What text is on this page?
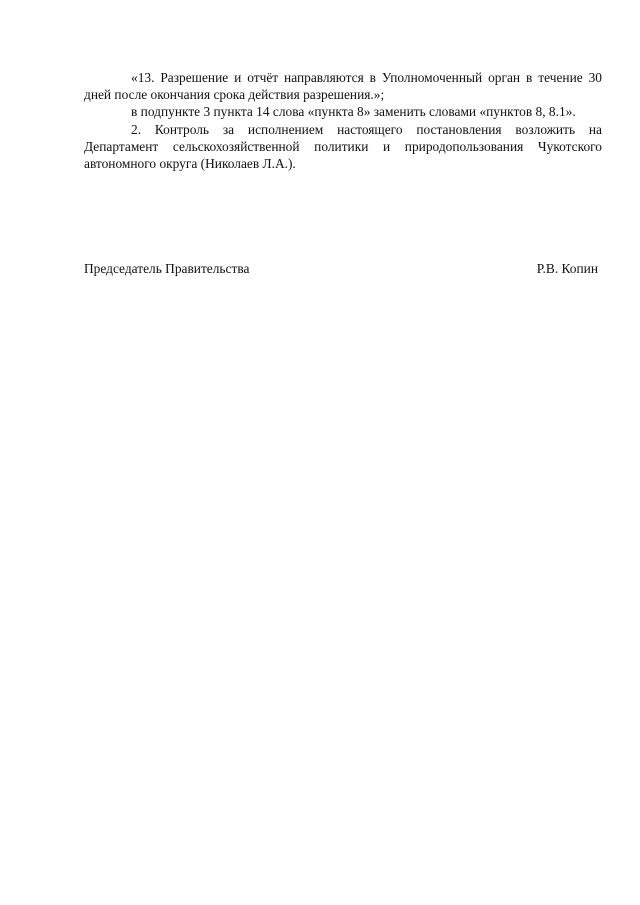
«13. Разрешение и отчёт направляются в Уполномоченный орган в течение 30 дней после окончания срока действия разрешения.»;

в подпункте 3 пункта 14 слова «пункта 8» заменить словами «пунктов 8, 8.1».

2. Контроль за исполнением настоящего постановления возложить на Департамент сельскохозяйственной политики и природопользования Чукотского автономного округа (Николаев Л.А.).

Председатель Правительства	Р.В. Копин
